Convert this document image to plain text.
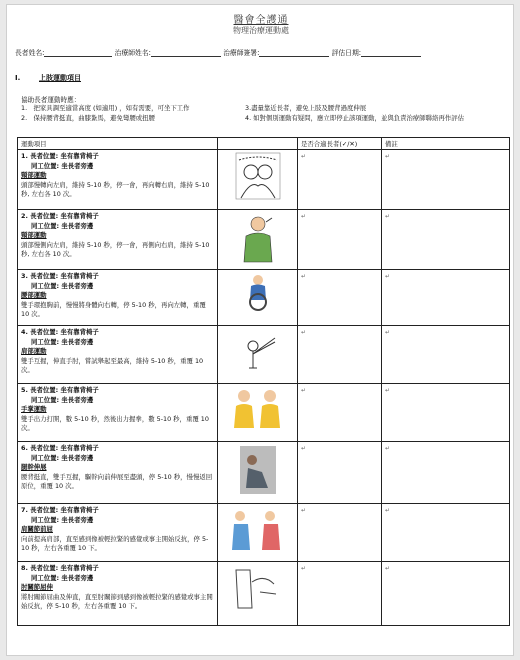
醫會全護通
物理治療運動處
長者姓名:	治療師姓名:	治療師簽署:	評估日期:
I.	上肢運動項目
協助長者運動時應：
1.　把家具調至適當高度 (如適用) ，如有需要，可坐下工作	3.盡量靠近長者，避免上肢及腰背過度伸展
2.　保持腰背挺直，曲膝紮馬，避免彎腰或扭腰	4. 如對個別運動有疑問，應立即停止該項運動，並與負責治療師聯絡再作評估
運動項目		是否合適長者(✓/✕)	備註

1. 長者位置: 坐有靠背椅子
同工位置: 坐長者旁邊
頸部運動
頭部慢轉向左肩，維持 5-10 秒，停一會，再向轉右肩，維持 5-10 秒, 左右各 10 次。		↵	↵

2. 長者位置: 坐有靠背椅子
同工位置: 坐長者旁邊
頸部運動
頭部慢側向左肩，維持 5-10 秒，停一會，再側向右肩，維持 5-10 秒, 左右各 10 次。		↵	↵

3. 長者位置: 坐有靠背椅子
同工位置: 坐長者旁邊
腰部運動
雙手環抱胸前，慢慢將身體向右轉，停 5-10 秒，再向左轉，重覆 10 次。		↵	↵

4. 長者位置: 坐有靠背椅子
同工位置: 坐長者旁邊
肩部運動
雙手互握，伸直手肘，嘗試舉起至最高，維持 5-10 秒，重覆 10 次。		↵	↵

5. 長者位置: 坐有靠背椅子
同工位置: 坐長者旁邊
手掌運動
雙手出力打開，數 5-10 秒，然後出力握拳，數 5-10 秒，重覆 10 次。		↵	↵

6. 長者位置: 坐有靠背椅子
同工位置: 坐長者旁邊
腿幹伸展
腰背挺直，雙手互握，驅幹向前伸展至盡頭，停 5-10 秒，慢慢返回原位，重覆 10 次。		↵	↵

7. 長者位置: 坐有靠背椅子
同工位置: 坐長者旁邊
肩關節前屈
向前提高肩部，直至感到像被輕拉緊的感覺或事主開始反抗，停 5-10 秒，左右各重覆 10 下。		↵	↵

8. 長者位置: 坐有靠背椅子
同工位置: 坐長者旁邊
肘關節屈伸
將肘關節屈曲及伸直，直至肘關節到感到像被輕拉緊的感覺或事主開始反抗，停 5-10 秒，左右各重覆 10 下。		↵	↵
